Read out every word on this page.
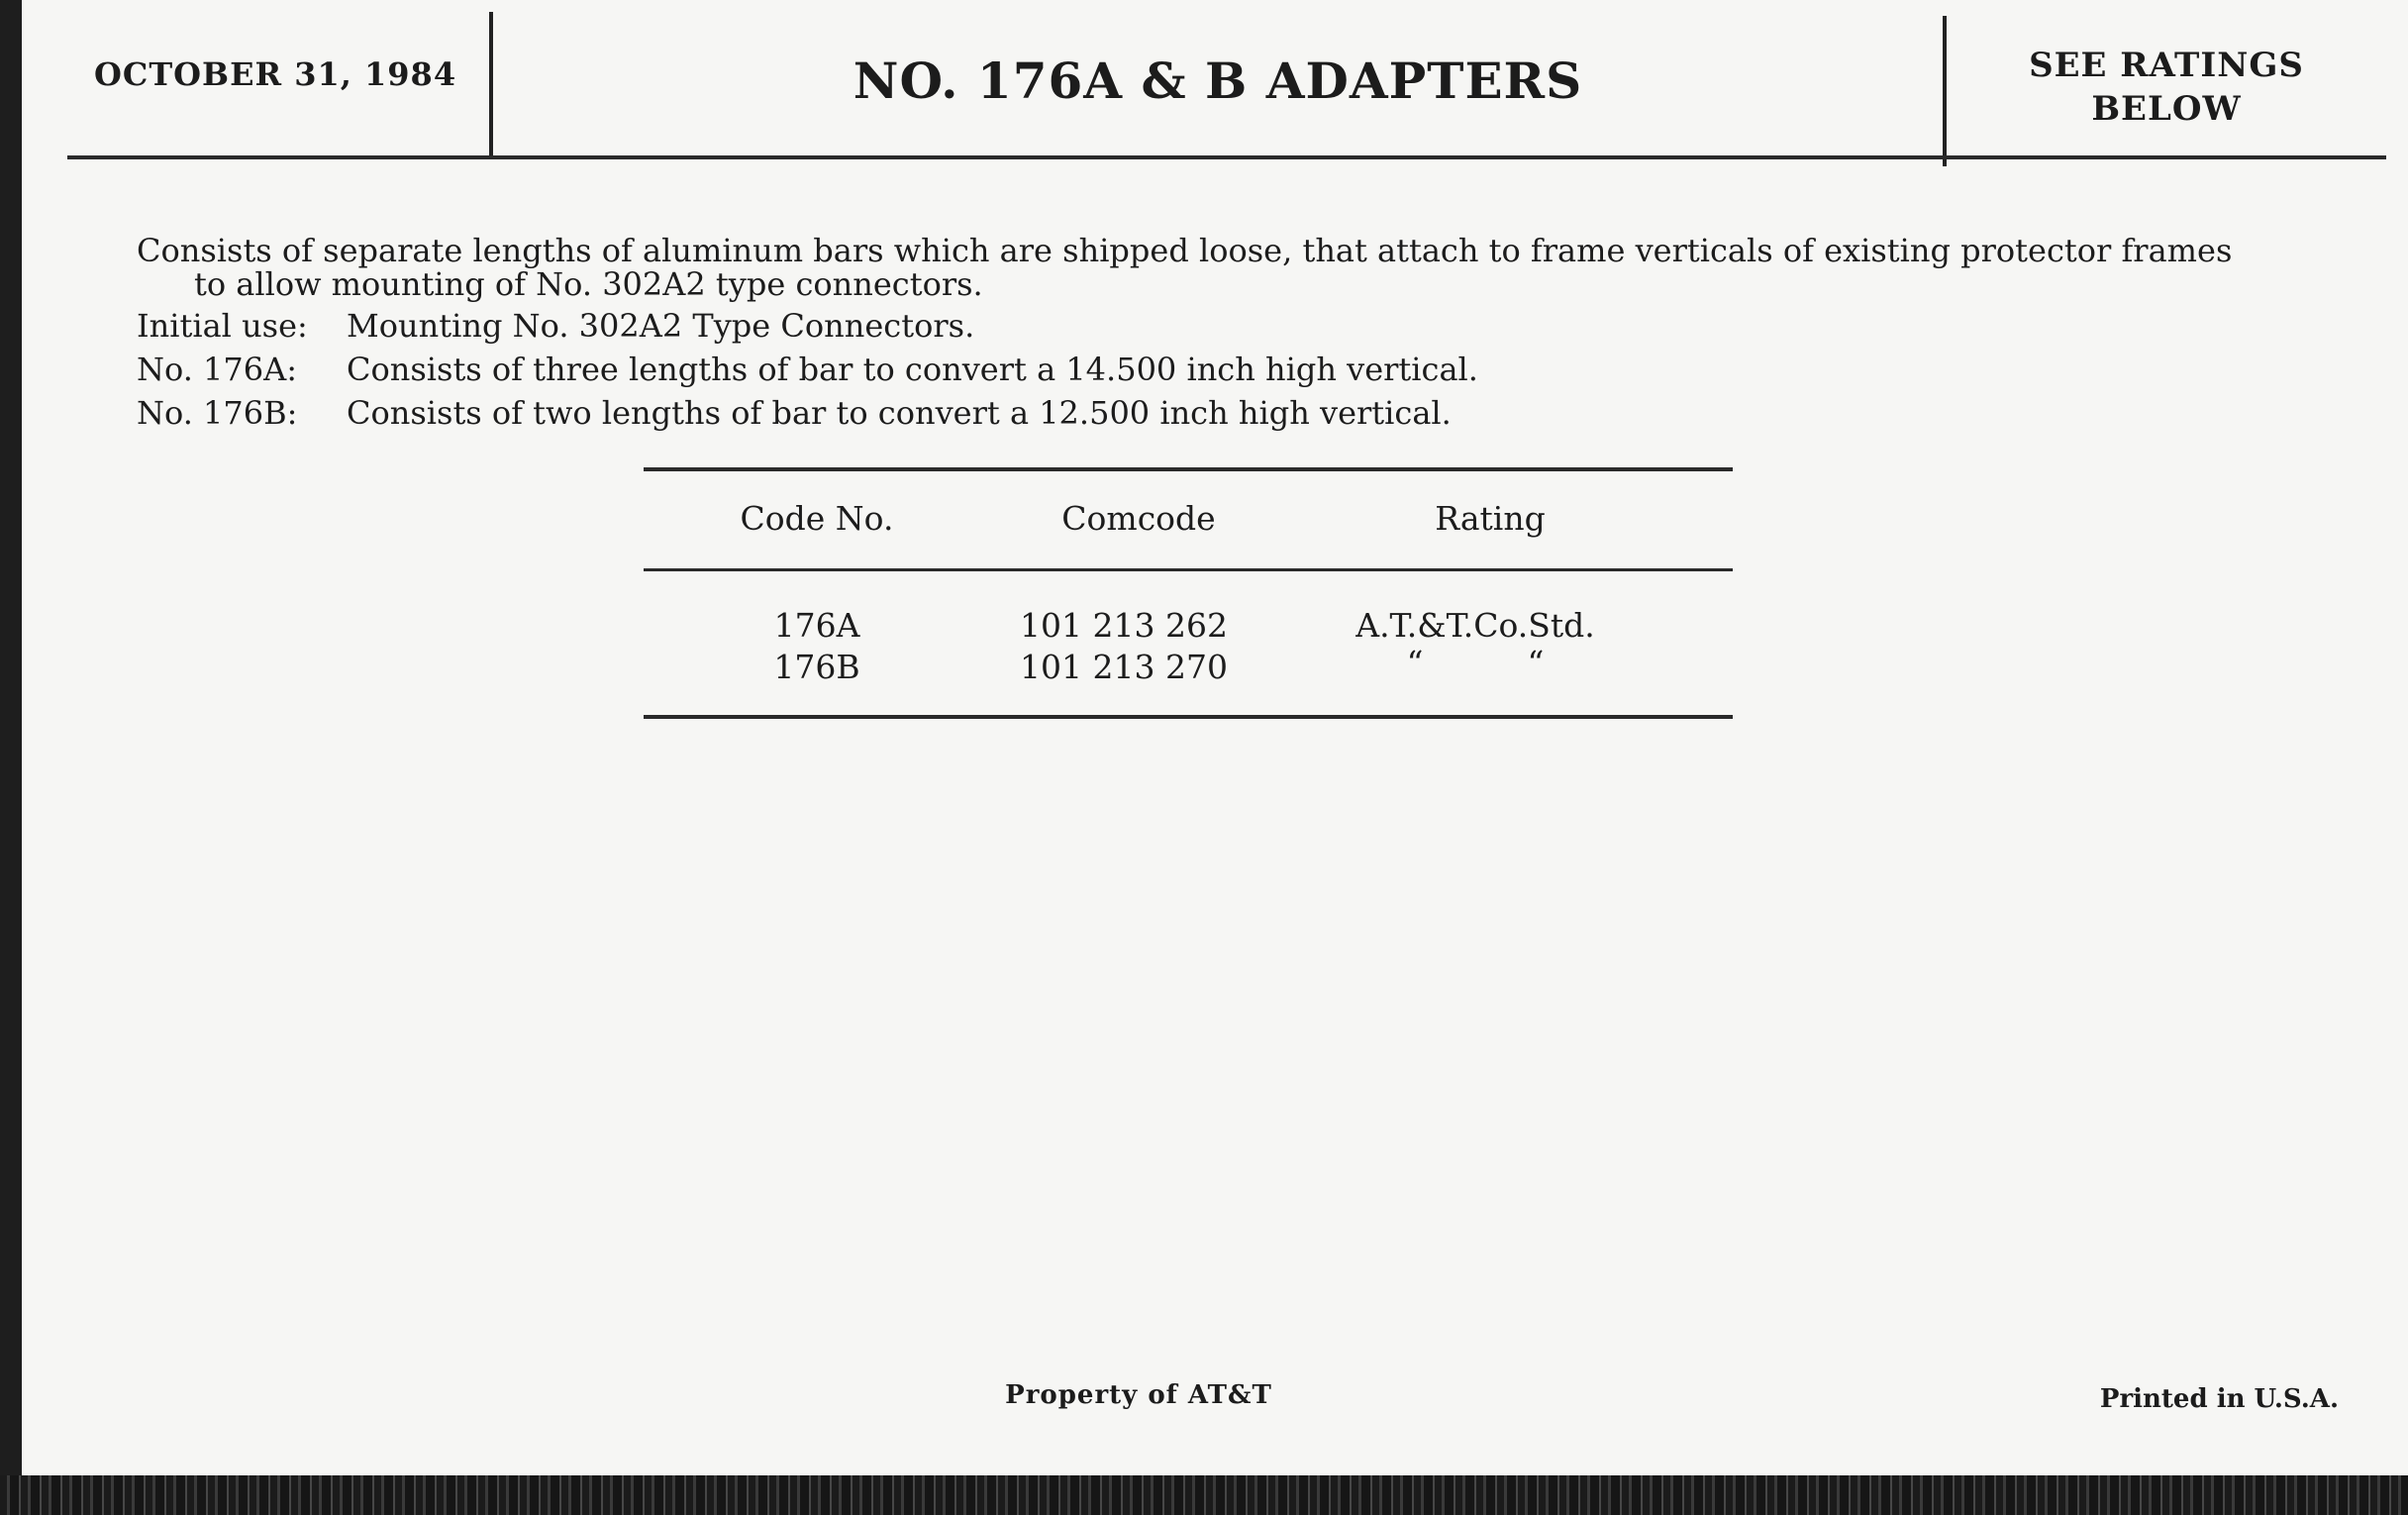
OCTOBER 31, 1984	NO. 176A & B ADAPTERS	SEE RATINGS
BELOW
Consists of separate lengths of aluminum bars which are shipped loose, that attach to frame verticals of existing protector frames
to allow mounting of No. 302A2 type connectors.
Initial use: Mounting No. 302A2 Type Connectors.
No. 176A: Consists of three lengths of bar to convert a 14.500 inch high vertical.
No. 176B: Consists of two lengths of bar to convert a 12.500 inch high vertical.
Code No.	Comcode	Rating
176A	101 213 262	A.T.&T.Co.Std.
176B	101 213 270	“          “
Property of AT&T	Printed in U.S.A.
